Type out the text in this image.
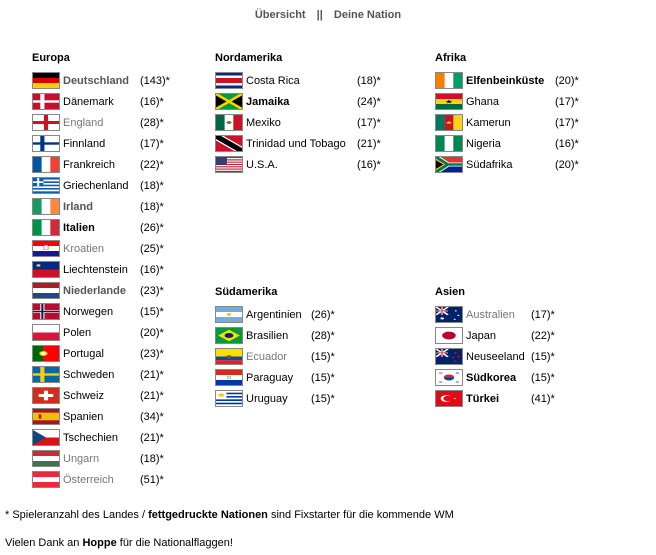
Übersicht || Deine Nation
Europa
Deutschland (143)*
Dänemark (16)*
England	(28)*
Finnland	(17)*
Frankreich (22)*
Griechenland (18)*
Irland	(18)*
Italien	(26)*
Kroatien	(25)*
Liechtenstein (16)*
Niederlande (23)*
Norwegen (15)*
Polen	(20)*
Portugal	(23)*
Schweden (21)*
Schweiz	(21)*
Spanien	(34)*
Tschechien (21)*
Ungarn	(18)*
Österreich (51)*
Nordamerika
Costa Rica	(18)*
Jamaika	(24)*
Mexiko	(17)*
Trinidad und Tobago (21)*
U.S.A.	(16)*
Afrika
Elfenbeinküste (20)*
Ghana	(17)*
Kamerun	(17)*
Nigeria	(16)*
Südafrika	(20)*
Südamerika
Argentinien (26)*
Brasilien (28)*
Ecuador (15)*
Paraguay (15)*
Uruguay (15)*
Asien
Australien (17)*
Japan	(22)*
Neuseeland (15)*
Südkorea (15)*
Türkei	(41)*
* Spieleranzahl des Landes / fettgedruckte Nationen sind Fixstarter für die kommende WM
Vielen Dank an Hoppe für die Nationalflaggen!
